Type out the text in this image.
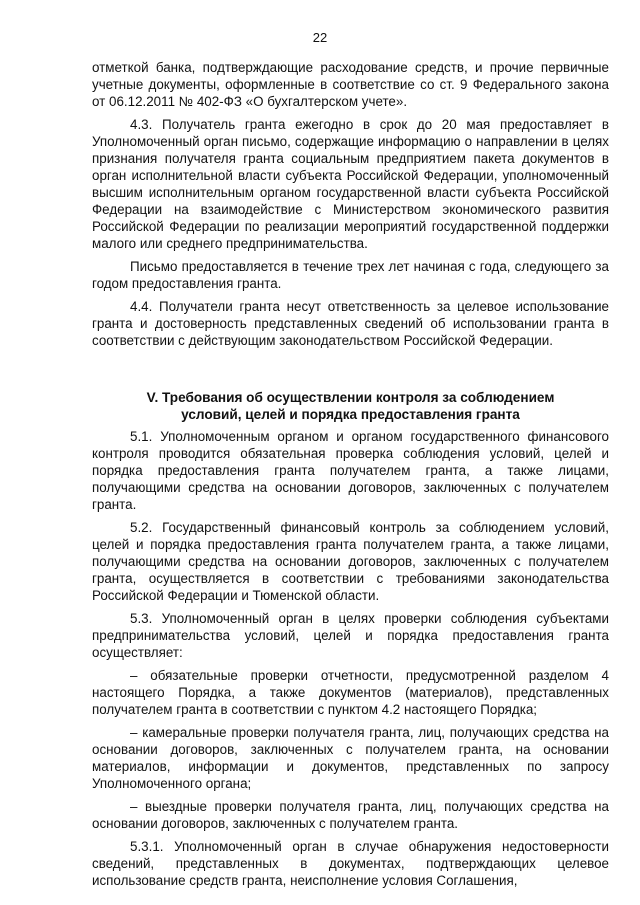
22

отметкой банка, подтверждающие расходование средств, и прочие первичные учетные документы, оформленные в соответствие со ст. 9 Федерального закона от 06.12.2011 № 402-ФЗ «О бухгалтерском учете».

4.3. Получатель гранта ежегодно в срок до 20 мая предоставляет в Уполномоченный орган письмо, содержащие информацию о направлении в целях признания получателя гранта социальным предприятием пакета документов в орган исполнительной власти субъекта Российской Федерации, уполномоченный высшим исполнительным органом государственной власти субъекта Российской Федерации на взаимодействие с Министерством экономического развития Российской Федерации по реализации мероприятий государственной поддержки малого или среднего предпринимательства.

Письмо предоставляется в течение трех лет начиная с года, следующего за годом предоставления гранта.

4.4. Получатели гранта несут ответственность за целевое использование гранта и достоверность представленных сведений об использовании гранта в соответствии с действующим законодательством Российской Федерации.

V. Требования об осуществлении контроля за соблюдением
условий, целей и порядка предоставления гранта

5.1. Уполномоченным органом и органом государственного финансового контроля проводится обязательная проверка соблюдения условий, целей и порядка предоставления гранта получателем гранта, а также лицами, получающими средства на основании договоров, заключенных с получателем гранта.

5.2. Государственный финансовый контроль за соблюдением условий, целей и порядка предоставления гранта получателем гранта, а также лицами, получающими средства на основании договоров, заключенных с получателем гранта, осуществляется в соответствии с требованиями законодательства Российской Федерации и Тюменской области.

5.3. Уполномоченный орган в целях проверки соблюдения субъектами предпринимательства условий, целей и порядка предоставления гранта осуществляет:

– обязательные проверки отчетности, предусмотренной разделом 4 настоящего Порядка, а также документов (материалов), представленных получателем гранта в соответствии с пунктом 4.2 настоящего Порядка;

– камеральные проверки получателя гранта, лиц, получающих средства на основании договоров, заключенных с получателем гранта, на основании материалов, информации и документов, представленных по запросу Уполномоченного органа;

– выездные проверки получателя гранта, лиц, получающих средства на основании договоров, заключенных с получателем гранта.

5.3.1. Уполномоченный орган в случае обнаружения недостоверности сведений, представленных в документах, подтверждающих целевое использование средств гранта, неисполнение условия Соглашения,
